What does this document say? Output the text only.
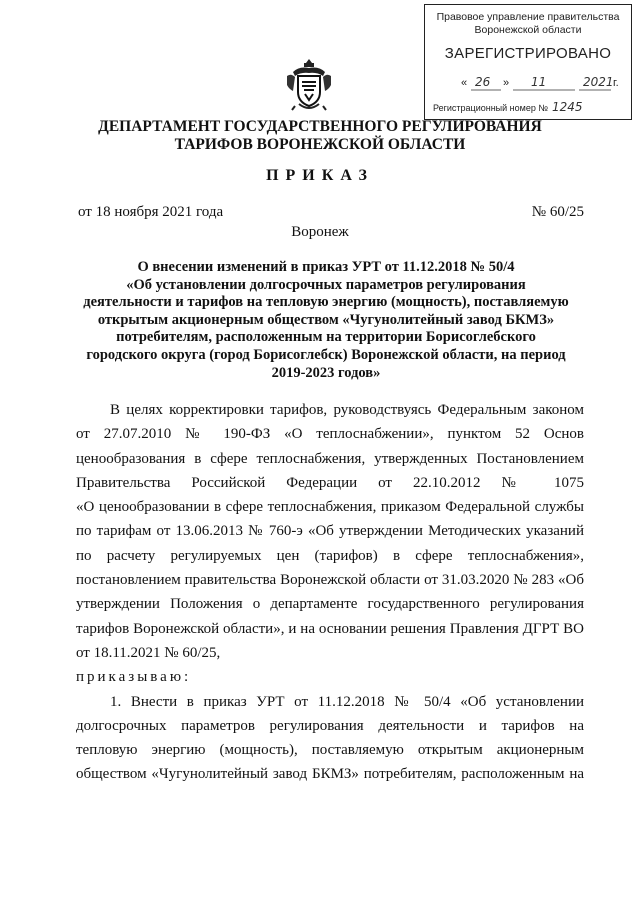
Правовое управление правительства
Воронежской области
ЗАРЕГИСТРИРОВАНО
« 26 » 11	2021 г.
Регистрационный номер № 1245
ДЕПАРТАМЕНТ ГОСУДАРСТВЕННОГО РЕГУЛИРОВАНИЯ
ТАРИФОВ ВОРОНЕЖСКОЙ ОБЛАСТИ
ПРИКАЗ
от 18 ноября 2021 года	№ 60/25
Воронеж
О внесении изменений в приказ УРТ от 11.12.2018 № 50/4
«Об установлении долгосрочных параметров регулирования
деятельности и тарифов на тепловую энергию (мощность), поставляемую
открытым акционерным обществом «Чугунолитейный завод БКМЗ»
потребителям, расположенным на территории Борисоглебского
городского округа (город Борисоглебск) Воронежской области, на период
2019-2023 годов»
В целях корректировки тарифов, руководствуясь Федеральным законом
от 27.07.2010 № 190-ФЗ «О теплоснабжении», пунктом 52 Основ
ценообразования в сфере теплоснабжения, утвержденных Постановлением
Правительства Российской Федерации от 22.10.2012 № 1075
«О ценообразовании в сфере теплоснабжения, приказом Федеральной службы
по тарифам от 13.06.2013 № 760-э «Об утверждении Методических указаний
по расчету регулируемых цен (тарифов) в сфере теплоснабжения»,
постановлением правительства Воронежской области от 31.03.2020 № 283 «Об
утверждении Положения о департаменте государственного регулирования
тарифов Воронежской области», и на основании решения Правления ДГРТ ВО
от 18.11.2021 № 60/25,
приказываю:
1. Внести в приказ УРТ от 11.12.2018 № 50/4 «Об установлении
долгосрочных параметров регулирования деятельности и тарифов на
тепловую энергию (мощность), поставляемую открытым акционерным
обществом «Чугунолитейный завод БКМЗ» потребителям, расположенным на
